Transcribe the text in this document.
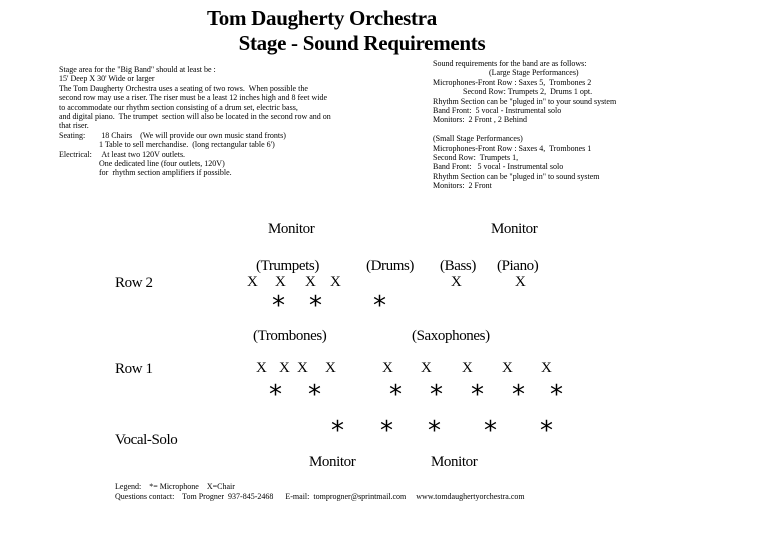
Tom Daugherty Orchestra
Stage - Sound Requirements
Stage area for the "Big Band" should at least be :
15' Deep X 30' Wide or larger
The Tom Daugherty Orchestra uses a seating of two rows.  When possible the
second row may use a riser. The riser must be a least 12 inches high and 8 feet wide
to accommodate our rhythm section consisting of a drum set, electric bass,
and digital piano.  The trumpet  section will also be located in the second row and on
that riser.
Seating:        18 Chairs    (We will provide our own music stand fronts)
1 Table to sell merchandise.  (long rectangular table 6')
Electrical:     At least two 120V outlets.
One dedicated line (four outlets, 120V)
for  rhythm section amplifiers if possible.
Sound requirements for the band are as follows:
(Large Stage Performances)
Microphones-Front Row : Saxes 5,  Trombones 2
Second Row: Trumpets 2,  Drums 1 opt.
Rhythm Section can be "pluged in" to your sound system
Band Front:  5 vocal - Instrumental solo
Monitors:  2 Front , 2 Behind

(Small Stage Performances)
Microphones-Front Row : Saxes 4,  Trombones 1
Second Row:  Trumpets 1,
Band Front:   5 vocal - Instrumental solo
Rhythm Section can be "pluged in" to sound system
Monitors:  2 Front
Monitor	Monitor
(Trumpets)	(Drums) (Bass) (Piano)
Row 2	X X X X	X	X
* * *
(Trombones)	(Saxophones)
Row 1	X X X X	X X X X X
* *	* * * * *
Vocal-Solo	* * * * *
Monitor	Monitor
Legend:    *= Microphone    X=Chair
Questions contact:    Tom Progner  937-845-2468      E-mail:  tomprogner@sprintmail.com     www.tomdaughertyorchestra.com
